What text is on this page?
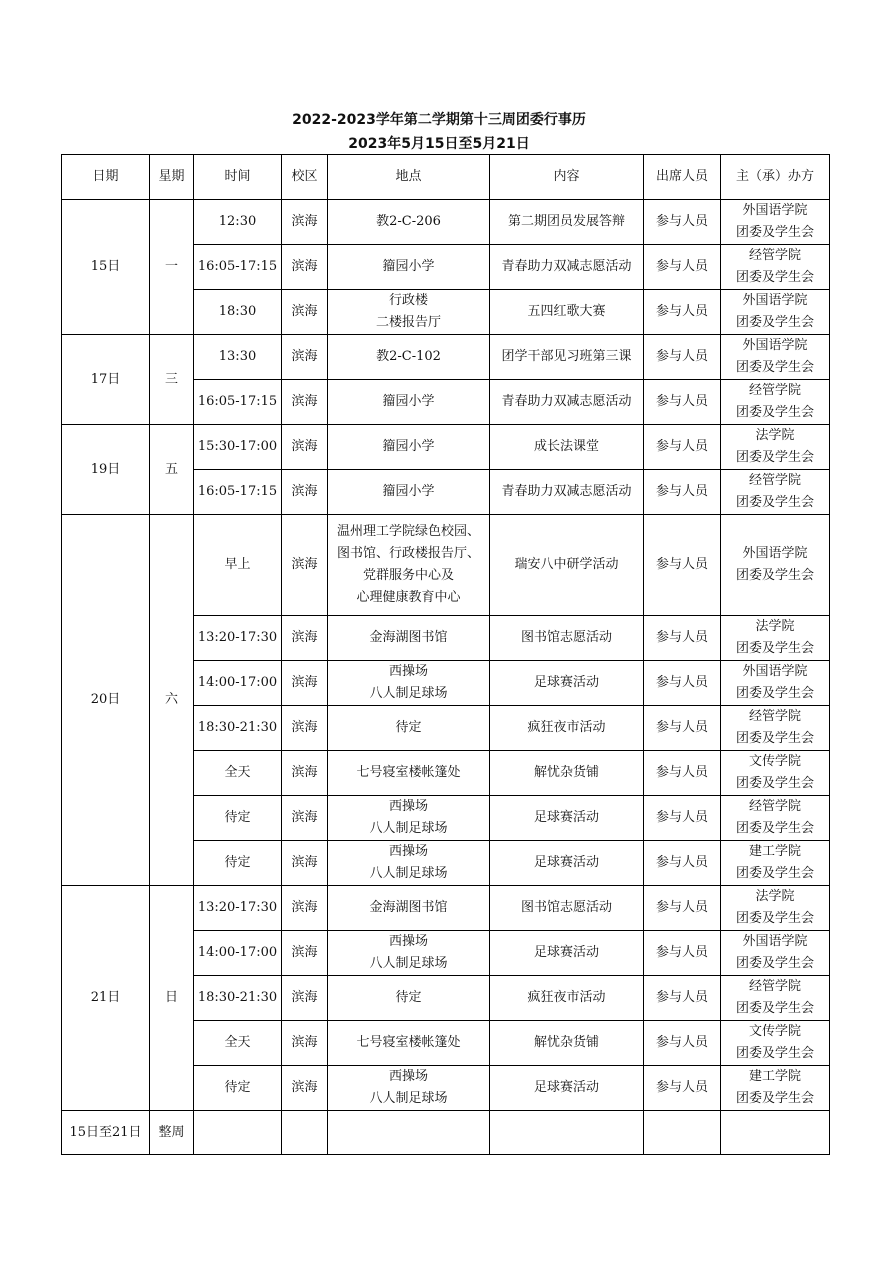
2022-2023学年第二学期第十三周团委行事历
2023年5月15日至5月21日
日期	星期	时间	校区	地点	内容	出席人员	主（承）办方
15日	一	12:30	滨海	教2-C-206	第二期团员发展答辩	参与人员	外国语学院
团委及学生会
		16:05-17:15	滨海	籀园小学	青春助力双减志愿活动	参与人员	经管学院
团委及学生会
		18:30	滨海	行政楼
二楼报告厅	五四红歌大赛	参与人员	外国语学院
团委及学生会
17日	三	13:30	滨海	教2-C-102	团学干部见习班第三课	参与人员	外国语学院
团委及学生会
		16:05-17:15	滨海	籀园小学	青春助力双减志愿活动	参与人员	经管学院
团委及学生会
19日	五	15:30-17:00	滨海	籀园小学	成长法课堂	参与人员	法学院
团委及学生会
		16:05-17:15	滨海	籀园小学	青春助力双减志愿活动	参与人员	经管学院
团委及学生会
20日	六	早上	滨海	温州理工学院绿色校园、
图书馆、行政楼报告厅、
党群服务中心及
心理健康教育中心	瑞安八中研学活动	参与人员	外国语学院
团委及学生会
		13:20-17:30	滨海	金海湖图书馆	图书馆志愿活动	参与人员	法学院
团委及学生会
		14:00-17:00	滨海	西操场
八人制足球场	足球赛活动	参与人员	外国语学院
团委及学生会
		18:30-21:30	滨海	待定	疯狂夜市活动	参与人员	经管学院
团委及学生会
		全天	滨海	七号寝室楼帐篷处	解忧杂货铺	参与人员	文传学院
团委及学生会
		待定	滨海	西操场
八人制足球场	足球赛活动	参与人员	经管学院
团委及学生会
		待定	滨海	西操场
八人制足球场	足球赛活动	参与人员	建工学院
团委及学生会
21日	日	13:20-17:30	滨海	金海湖图书馆	图书馆志愿活动	参与人员	法学院
团委及学生会
		14:00-17:00	滨海	西操场
八人制足球场	足球赛活动	参与人员	外国语学院
团委及学生会
		18:30-21:30	滨海	待定	疯狂夜市活动	参与人员	经管学院
团委及学生会
		全天	滨海	七号寝室楼帐篷处	解忧杂货铺	参与人员	文传学院
团委及学生会
		待定	滨海	西操场
八人制足球场	足球赛活动	参与人员	建工学院
团委及学生会
15日至21日	整周						
